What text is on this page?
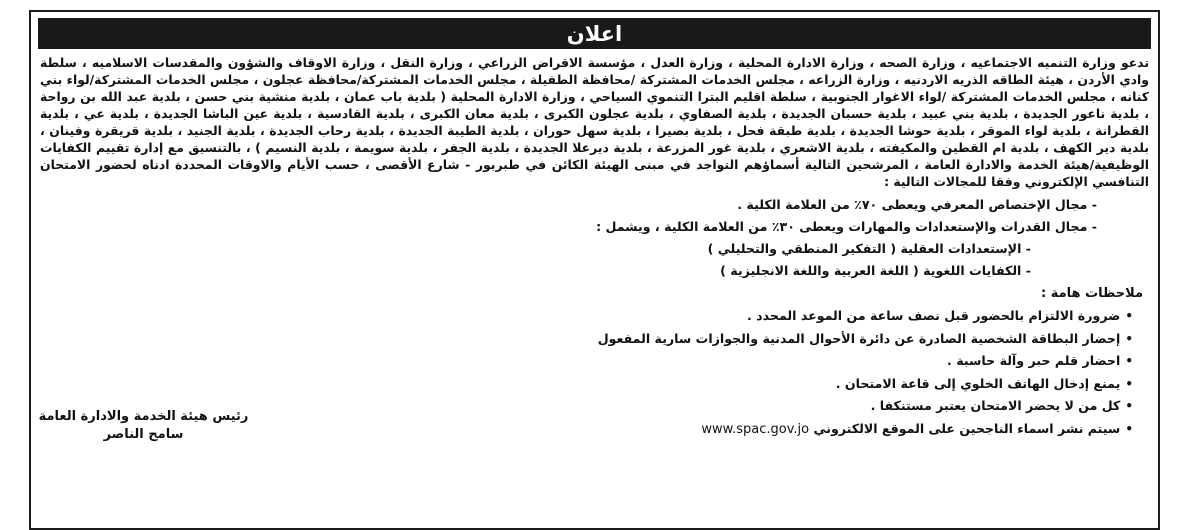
اعلان

تدعو وزارة التنميه الاجتماعيه ، وزارة الصحه ، وزارة الادارة المحلية ، وزارة العدل ، مؤسسة الاقراض الزراعي ، وزارة النقل ، وزارة الاوقاف والشؤون والمقدسات الاسلاميه ، سلطة وادي الأردن ، هيئة الطاقه الذريه الاردنيه ، وزارة الزراعه ، مجلس الخدمات المشتركة /محافظة الطفيلة ، مجلس الخدمات المشتركة/محافظة عجلون ، مجلس الخدمات المشتركة/لواء بني كنانه ، مجلس الخدمات المشتركة /لواء الاغوار الجنوبية ، سلطة اقليم البترا التنموي السياحي ، وزارة الادارة المحلية ( بلدية باب عمان ، بلدية منشية بني حسن ، بلدية عبد الله بن رواحة ، بلدية ناعور الجديدة ، بلدية بني عبيد ، بلدية حسبان الجديدة ، بلدية الصفاوي ، بلدية عجلون الكبرى ، بلدية معان الكبرى ، بلدية القادسية ، بلدية عين الباشا الجديدة ، بلدية عي ، بلدية القطرانة ، بلدية لواء الموقر ، بلدية حوشا الجديدة ، بلدية طبقة فحل ، بلدية بصيرا ، بلدية سهل حوران ، بلدية الطيبة الجديدة ، بلدية رحاب الجديدة ، بلدية الجنيد ، بلدية قريقرة وفينان ، بلدية دير الكهف ، بلدية ام القطين والمكيفته ، بلدية الاشعري ، بلدية غور المزرعة ، بلدية ديرعلا الجديدة ، بلدية الجفر ، بلدية سويمة ، بلدية النسيم ) ، بالتنسيق مع إدارة تقييم الكفايات الوظيفية/هيئة الخدمة والادارة العامة ، المرشحين التالية أسماؤهم التواجد في مبنى الهيئة الكائن في طبربور - شارع الأقصى ، حسب الأيام والاوقات المحددة ادناه لحضور الامتحان التنافسي الإلكتروني وفقا للمجالات التالية :

- مجال الإختصاص المعرفي ويعطى ٧٠٪ من العلامة الكلية .
- مجال القدرات والإستعدادات والمهارات ويعطى ٣٠٪ من العلامة الكلية ، ويشمل :
- الإستعدادات العقلية ( التفكير المنطقي والتحليلي )
- الكفايات اللغوية ( اللغة العربية واللغة الانجليزية )
ملاحظات هامة :
•ضرورة الالتزام بالحضور قبل نصف ساعة من الموعد المحدد .
•إحضار البطاقة الشخصية الصادرة عن دائرة الأحوال المدنية والجوازات سارية المفعول
•احضار قلم حبر وآلة حاسبة .
•يمنع إدخال الهاتف الخلوي إلى قاعة الامتحان .
•كل من لا يحضر الامتحان يعتبر مستنكفا .
•سيتم نشر اسماء الناجحين على الموقع الالكتروني www.spac.gov.jo
رئيس هيئة الخدمة والادارة العامة
سامح الناصر
